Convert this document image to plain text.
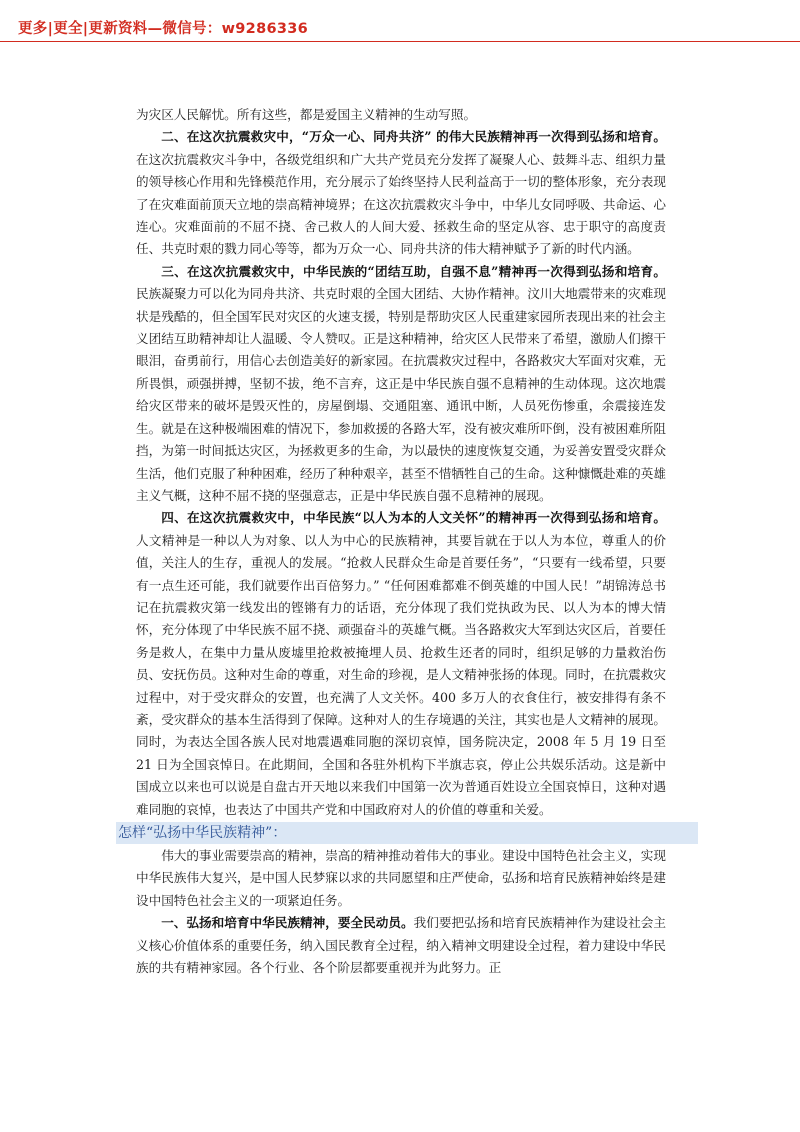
更多|更全|更新资料—微信号：w9286336

为灾区人民解忧。所有这些，都是爱国主义精神的生动写照。

二、在这次抗震救灾中，“万众一心、同舟共济” 的伟大民族精神再一次得到弘扬和培育。在这次抗震救灾斗争中，各级党组织和广大共产党员充分发挥了凝聚人心、鼓舞斗志、组织力量的领导核心作用和先锋模范作用，充分展示了始终坚持人民利益高于一切的整体形象，充分表现了在灾难面前顶天立地的崇高精神境界；在这次抗震救灾斗争中，中华儿女同呼吸、共命运、心连心。灾难面前的不屈不挠、舍己救人的人间大爱、拯救生命的坚定从容、忠于职守的高度责任、共克时艰的戮力同心等等，都为万众一心、同舟共济的伟大精神赋予了新的时代内涵。

三、在这次抗震救灾中，中华民族的“团结互助，自强不息”精神再一次得到弘扬和培育。民族凝聚力可以化为同舟共济、共克时艰的全国大团结、大协作精神。汶川大地震带来的灾难现状是残酷的，但全国军民对灾区的火速支援，特别是帮助灾区人民重建家园所表现出来的社会主义团结互助精神却让人温暖、令人赞叹。正是这种精神，给灾区人民带来了希望，激励人们擦干眼泪，奋勇前行，用信心去创造美好的新家园。在抗震救灾过程中，各路救灾大军面对灾难，无所畏惧，顽强拼搏，坚韧不拔，绝不言弃，这正是中华民族自强不息精神的生动体现。这次地震给灾区带来的破坏是毁灭性的，房屋倒塌、交通阻塞、通讯中断，人员死伤惨重，余震接连发生。就是在这种极端困难的情况下，参加救援的各路大军，没有被灾难所吓倒，没有被困难所阻挡，为第一时间抵达灾区，为拯救更多的生命，为以最快的速度恢复交通，为妥善安置受灾群众生活，他们克服了种种困难，经历了种种艰辛，甚至不惜牺牲自己的生命。这种慷慨赴难的英雄主义气概，这种不屈不挠的坚强意志，正是中华民族自强不息精神的展现。

四、在这次抗震救灾中，中华民族“以人为本的人文关怀”的精神再一次得到弘扬和培育。人文精神是一种以人为对象、以人为中心的民族精神，其要旨就在于以人为本位，尊重人的价值，关注人的生存，重视人的发展。“抢救人民群众生命是首要任务”，“只要有一线希望，只要有一点生还可能，我们就要作出百倍努力。” “任何困难都难不倒英雄的中国人民！”胡锦涛总书记在抗震救灾第一线发出的铿锵有力的话语，充分体现了我们党执政为民、以人为本的博大情怀，充分体现了中华民族不屈不挠、顽强奋斗的英雄气概。当各路救灾大军到达灾区后，首要任务是救人，在集中力量从废墟里抢救被掩埋人员、抢救生还者的同时，组织足够的力量救治伤员、安抚伤员。这种对生命的尊重，对生命的珍视，是人文精神张扬的体现。同时，在抗震救灾过程中，对于受灾群众的安置，也充满了人文关怀。400 多万人的衣食住行，被安排得有条不紊，受灾群众的基本生活得到了保障。这种对人的生存境遇的关注，其实也是人文精神的展现。同时，为表达全国各族人民对地震遇难同胞的深切哀悼，国务院决定，2008 年 5 月 19 日至 21 日为全国哀悼日。在此期间，全国和各驻外机构下半旗志哀，停止公共娱乐活动。这是新中国成立以来也可以说是自盘古开天地以来我们中国第一次为普通百姓设立全国哀悼日，这种对遇难同胞的哀悼，也表达了中国共产党和中国政府对人的价值的尊重和关爱。

怎样“弘扬中华民族精神”：

伟大的事业需要崇高的精神，崇高的精神推动着伟大的事业。建设中国特色社会主义，实现中华民族伟大复兴，是中国人民梦寐以求的共同愿望和庄严使命，弘扬和培育民族精神始终是建设中国特色社会主义的一项紧迫任务。

一、弘扬和培育中华民族精神，要全民动员。我们要把弘扬和培育民族精神作为建设社会主义核心价值体系的重要任务，纳入国民教育全过程，纳入精神文明建设全过程，着力建设中华民族的共有精神家园。各个行业、各个阶层都要重视并为此努力。正
